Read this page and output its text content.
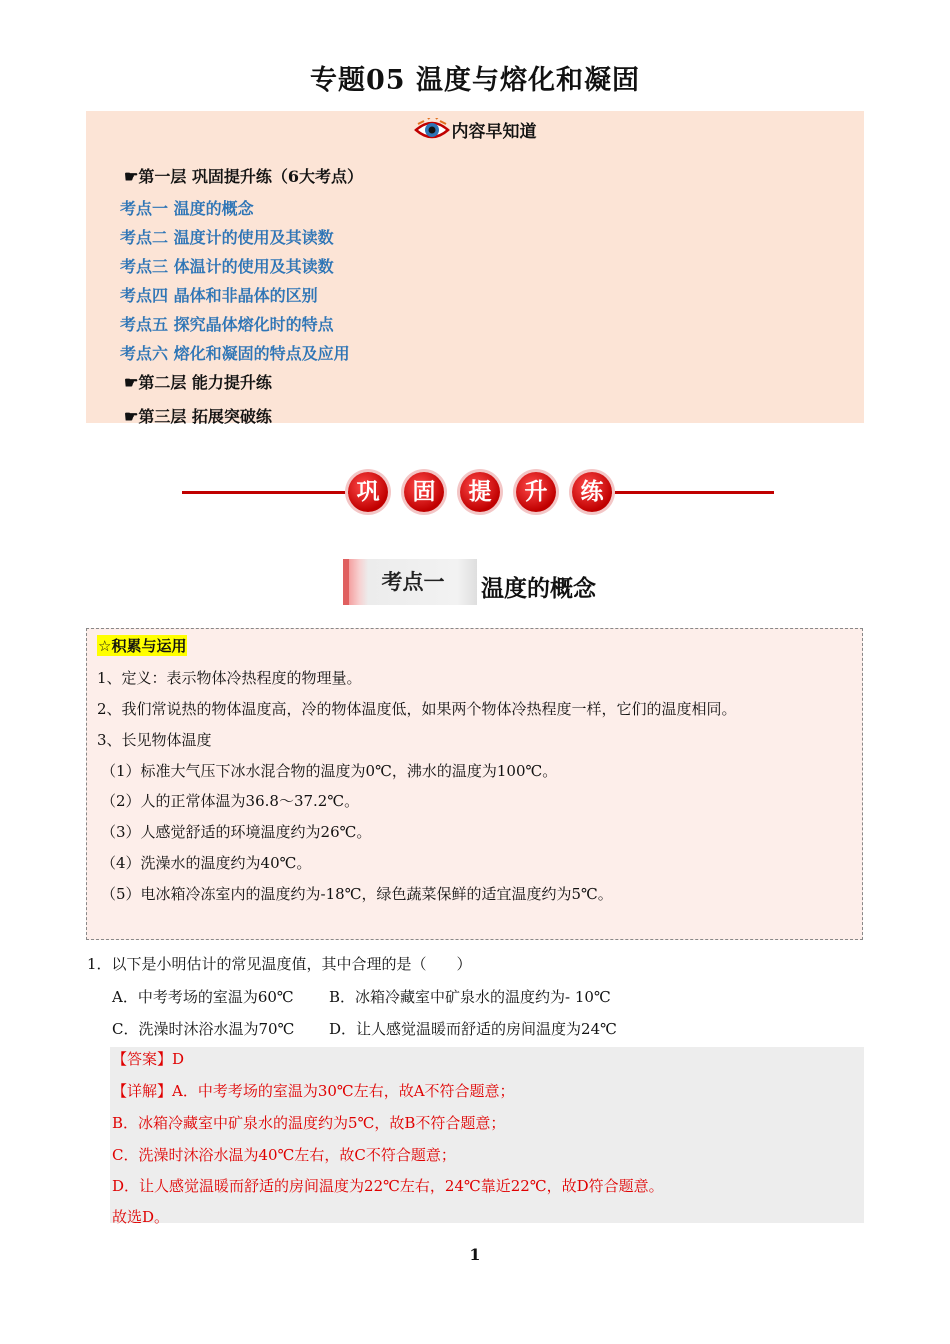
专题05 温度与熔化和凝固
内容早知道
☛第一层 巩固提升练（6大考点）
考点一 温度的概念
考点二 温度计的使用及其读数
考点三 体温计的使用及其读数
考点四 晶体和非晶体的区别
考点五 探究晶体熔化时的特点
考点六 熔化和凝固的特点及应用
☛第二层 能力提升练
☛第三层 拓展突破练
巩	固	提	升	练
考点一	温度的概念
☆积累与运用
1、定义：表示物体冷热程度的物理量。
2、我们常说热的物体温度高，冷的物体温度低，如果两个物体冷热程度一样，它们的温度相同。
3、长见物体温度
（1）标准大气压下冰水混合物的温度为0℃，沸水的温度为100℃。
（2）人的正常体温为36.8～37.2℃。
（3）人感觉舒适的环境温度约为26℃。
（4）洗澡水的温度约为40℃。
（5）电冰箱冷冻室内的温度约为-18℃，绿色蔬菜保鲜的适宜温度约为5℃。
1．以下是小明估计的常见温度值，其中合理的是（　　）
A．中考考场的室温为60℃ B．冰箱冷藏室中矿泉水的温度约为- 10℃
C．洗澡时沐浴水温为70℃ D．让人感觉温暖而舒适的房间温度为24℃
【答案】D
【详解】A．中考考场的室温为30℃左右，故A不符合题意；
B．冰箱冷藏室中矿泉水的温度约为5℃，故B不符合题意；
C．洗澡时沐浴水温为40℃左右，故C不符合题意；
D．让人感觉温暖而舒适的房间温度为22℃左右，24℃靠近22℃，故D符合题意。
故选D。
1
